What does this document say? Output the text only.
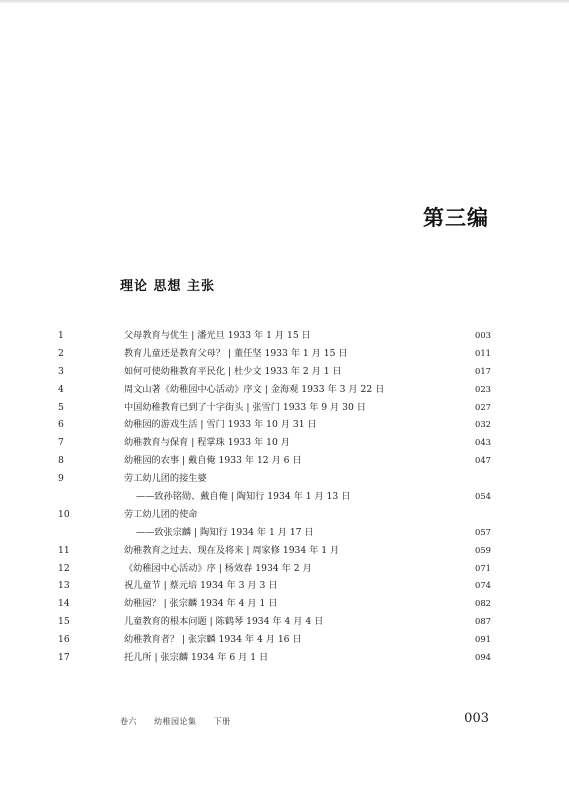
第三编
理论 思想 主张
1	父母教育与优生 | 潘光旦 1933 年 1 月 15 日	003
2	教育儿童还是教育父母？ | 董任坚 1933 年 1 月 15 日	011
3	如何可使幼稚教育平民化 | 杜少文 1933 年 2 月 1 日	017
4	周文山著《幼稚园中心活动》序文 | 金海观 1933 年 3 月 22 日	023
5	中国幼稚教育已到了十字街头 | 张雪门 1933 年 9 月 30 日	027
6	幼稚园的游戏生活 | 雪门 1933 年 10 月 31 日	032
7	幼稚教育与保育 | 程掌珠 1933 年 10 月	043
8	幼稚园的农事 | 戴自俺 1933 年 12 月 6 日	047
9	劳工幼儿团的接生婆
——致孙铭勋、戴自俺 | 陶知行 1934 年 1 月 13 日	054
10	劳工幼儿团的使命
——致张宗麟 | 陶知行 1934 年 1 月 17 日	057
11	幼稚教育之过去、现在及将来 | 周家修 1934 年 1 月	059
12	《幼稚园中心活动》序 | 杨效春 1934 年 2 月	071
13	祝儿童节 | 蔡元培 1934 年 3 月 3 日	074
14	幼稚园？ | 张宗麟 1934 年 4 月 1 日	082
15	儿童教育的根本问题 | 陈鹤琴 1934 年 4 月 4 日	087
16	幼稚教育者？ | 张宗麟 1934 年 4 月 16 日	091
17	托儿所 | 张宗麟 1934 年 6 月 1 日	094
卷六 幼稚园论集 下册	003
